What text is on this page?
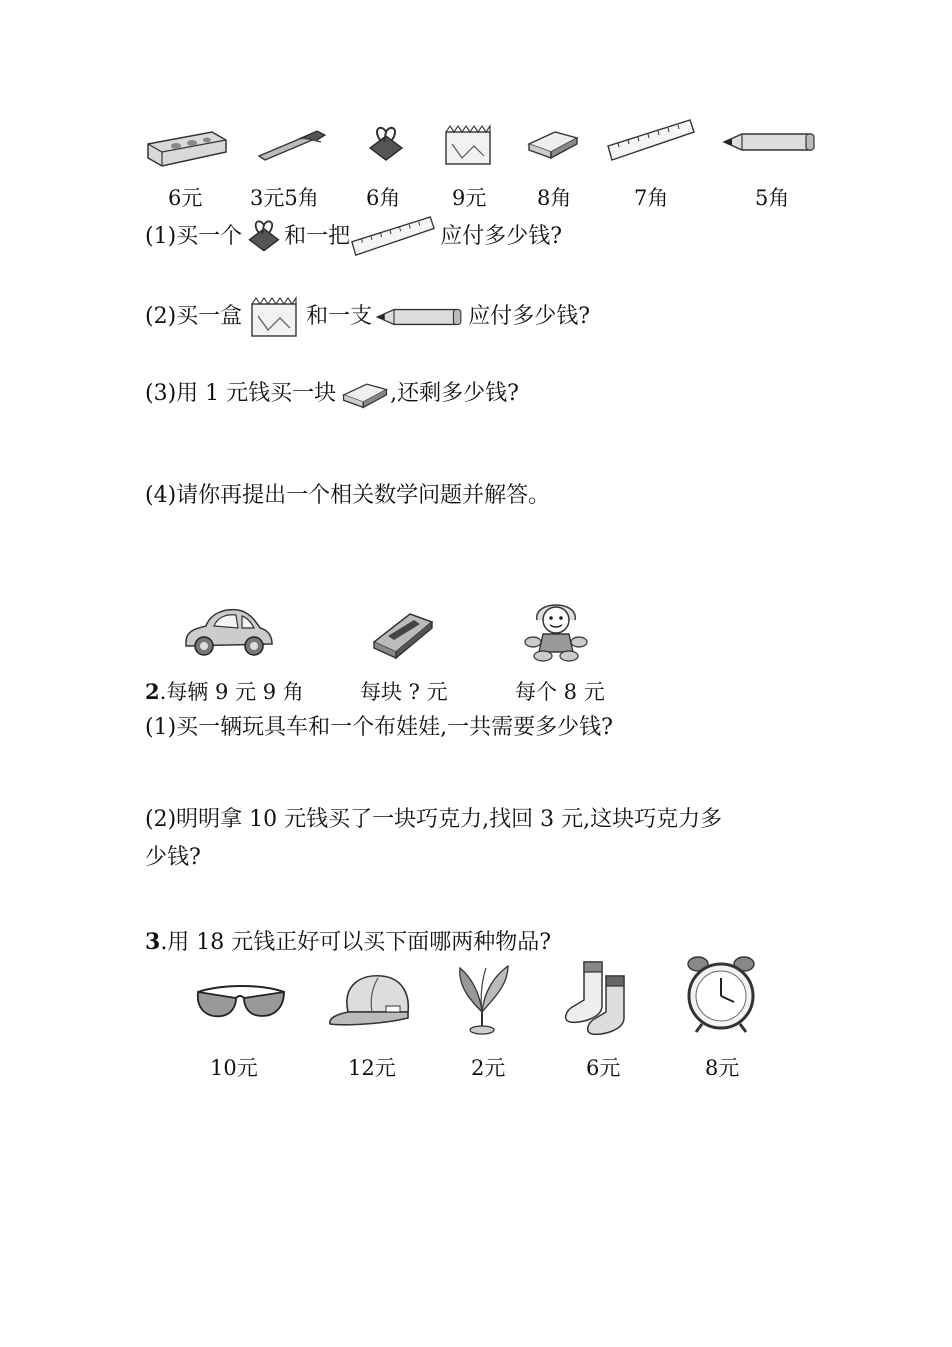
6元 3元5角 6角 9元 8角	7角	5角
(1)买一个 和一把	应付多少钱?
(2)买一盒	和一支	应付多少钱?
(3)用 1 元钱买一块 ,还剩多少钱?
(4)请你再提出一个相关数学问题并解答。
2.每辆 9 元 9 角	每块 ? 元	每个 8 元
(1)买一辆玩具车和一个布娃娃,一共需要多少钱?
(2)明明拿 10 元钱买了一块巧克力,找回 3 元,这块巧克力多
少钱?
3.用 18 元钱正好可以买下面哪两种物品?
10元	12元	2元	6元	8元
